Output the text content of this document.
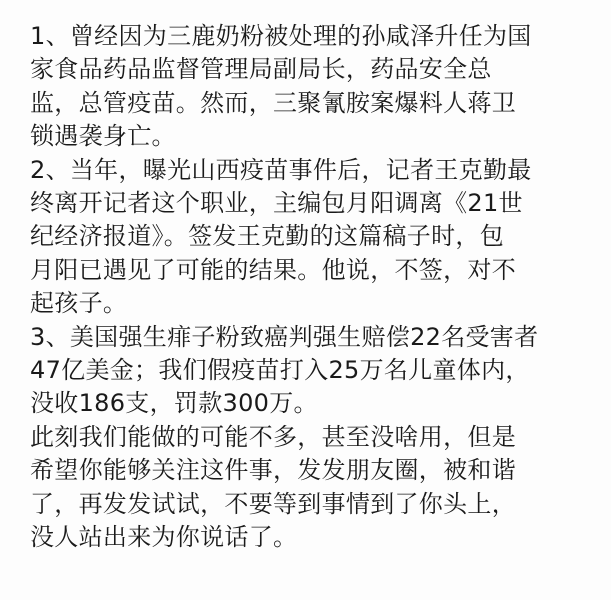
1、曾经因为三鹿奶粉被处理的孙咸泽升任为国
家食品药品监督管理局副局长，药品安全总
监，总管疫苗。然而，三聚氰胺案爆料人蒋卫
锁遇袭身亡。
2、当年，曝光山西疫苗事件后，记者王克勤最
终离开记者这个职业，主编包月阳调离《21世
纪经济报道》。签发王克勤的这篇稿子时，包
月阳已遇见了可能的结果。他说，不签，对不
起孩子。
3、美国强生痱子粉致癌判强生赔偿22名受害者
47亿美金；我们假疫苗打入25万名儿童体内，
没收186支，罚款300万。
此刻我们能做的可能不多，甚至没啥用，但是
希望你能够关注这件事，发发朋友圈，被和谐
了，再发发试试，不要等到事情到了你头上，
没人站出来为你说话了。
